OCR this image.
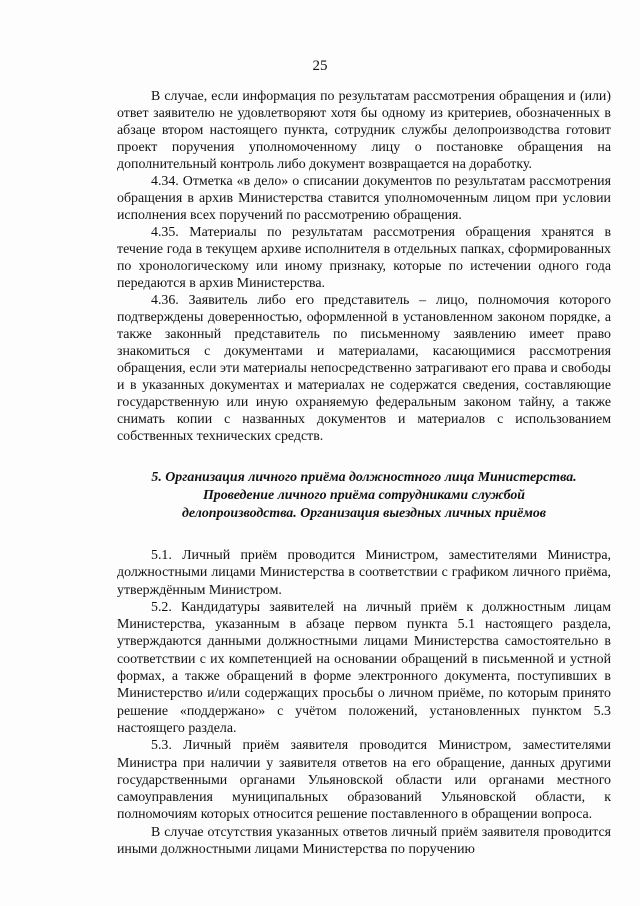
25

В случае, если информация по результатам рассмотрения обращения и (или) ответ заявителю не удовлетворяют хотя бы одному из критериев, обозначенных в абзаце втором настоящего пункта, сотрудник службы делопроизводства готовит проект поручения уполномоченному лицу о постановке обращения на дополнительный контроль либо документ возвращается на доработку.

4.34. Отметка «в дело» о списании документов по результатам рассмотрения обращения в архив Министерства ставится уполномоченным лицом при условии исполнения всех поручений по рассмотрению обращения.

4.35. Материалы по результатам рассмотрения обращения хранятся в течение года в текущем архиве исполнителя в отдельных папках, сформированных по хронологическому или иному признаку, которые по истечении одного года передаются в архив Министерства.

4.36. Заявитель либо его представитель – лицо, полномочия которого подтверждены доверенностью, оформленной в установленном законом порядке, а также законный представитель по письменному заявлению имеет право знакомиться с документами и материалами, касающимися рассмотрения обращения, если эти материалы непосредственно затрагивают его права и свободы и в указанных документах и материалах не содержатся сведения, составляющие государственную или иную охраняемую федеральным законом тайну, а также снимать копии с названных документов и материалов с использованием собственных технических средств.

5. Организация личного приёма должностного лица Министерства.
Проведение личного приёма сотрудниками службой
делопроизводства. Организация выездных личных приёмов

5.1. Личный приём проводится Министром, заместителями Министра, должностными лицами Министерства в соответствии с графиком личного приёма, утверждённым Министром.

5.2. Кандидатуры заявителей на личный приём к должностным лицам Министерства, указанным в абзаце первом пункта 5.1 настоящего раздела, утверждаются данными должностными лицами Министерства самостоятельно в соответствии с их компетенцией на основании обращений в письменной и устной формах, а также обращений в форме электронного документа, поступивших в Министерство и/или содержащих просьбы о личном приёме, по которым принято решение «поддержано» с учётом положений, установленных пунктом 5.3 настоящего раздела.

5.3. Личный приём заявителя проводится Министром, заместителями Министра при наличии у заявителя ответов на его обращение, данных другими государственными органами Ульяновской области или органами местного самоуправления муниципальных образований Ульяновской области, к полномочиям которых относится решение поставленного в обращении вопроса.

В случае отсутствия указанных ответов личный приём заявителя проводится иными должностными лицами Министерства по поручению
